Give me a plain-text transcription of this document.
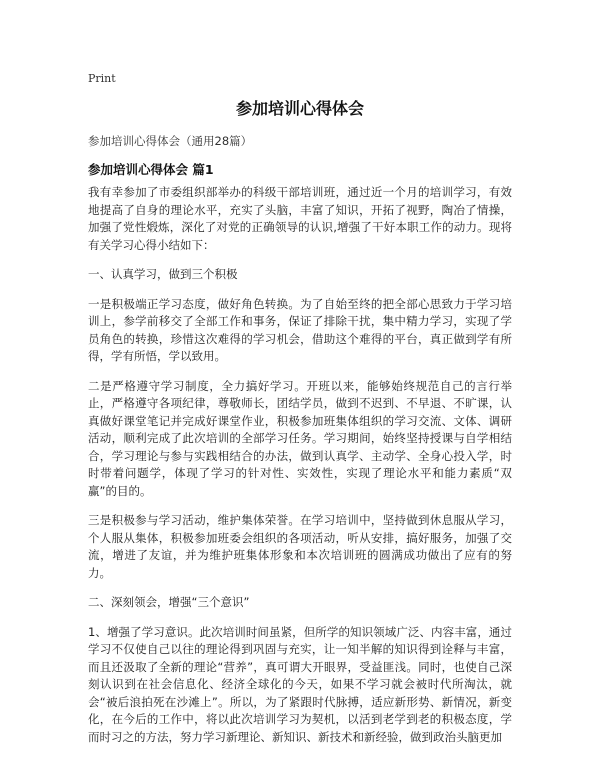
Print
参加培训心得体会
参加培训心得体会（通用28篇）
参加培训心得体会 篇1

我有幸参加了市委组织部举办的科级干部培训班，通过近一个月的培训学习，有效地提高了自身的理论水平，充实了头脑，丰富了知识，开拓了视野，陶冶了情操，加强了党性煅炼，深化了对党的正确领导的认识,增强了干好本职工作的动力。现将有关学习心得小结如下：

一、认真学习，做到三个积极

一是积极端正学习态度，做好角色转换。为了自始至终的把全部心思致力于学习培训上，参学前移交了全部工作和事务，保证了排除干扰，集中精力学习，实现了学员角色的转换，珍惜这次难得的学习机会，借助这个难得的平台，真正做到学有所得，学有所悟，学以致用。

二是严格遵守学习制度，全力搞好学习。开班以来，能够始终规范自己的言行举止，严格遵守各项纪律，尊敬师长，团结学员，做到不迟到、不早退、不旷课，认真做好课堂笔记并完成好课堂作业，积极参加班集体组织的学习交流、文体、调研活动，顺利完成了此次培训的全部学习任务。学习期间，始终坚持授课与自学相结合，学习理论与参与实践相结合的办法，做到认真学、主动学、全身心投入学，时时带着问题学，体现了学习的针对性、实效性，实现了理论水平和能力素质“双赢”的目的。

三是积极参与学习活动，维护集体荣誉。在学习培训中，坚持做到休息服从学习，个人服从集体，积极参加班委会组织的各项活动，听从安排，搞好服务，加强了交流，增进了友谊，并为维护班集体形象和本次培训班的圆满成功做出了应有的努力。

二、深刻领会，增强“三个意识”

1、增强了学习意识。此次培训时间虽紧，但所学的知识领域广泛、内容丰富，通过学习不仅使自己以往的理论得到巩固与充实，让一知半解的知识得到诠释与丰富，而且还汲取了全新的理论“营养”，真可谓大开眼界，受益匪浅。同时，也使自己深刻认识到在社会信息化、经济全球化的今天，如果不学习就会被时代所淘汰，就会“被后浪拍死在沙滩上”。所以，为了紧跟时代脉搏，适应新形势、新情况，新变化，在今后的工作中，将以此次培训学习为契机，以活到老学到老的积极态度，学而时习之的方法，努力学习新理论、新知识、新技术和新经验，做到政治头脑更加
